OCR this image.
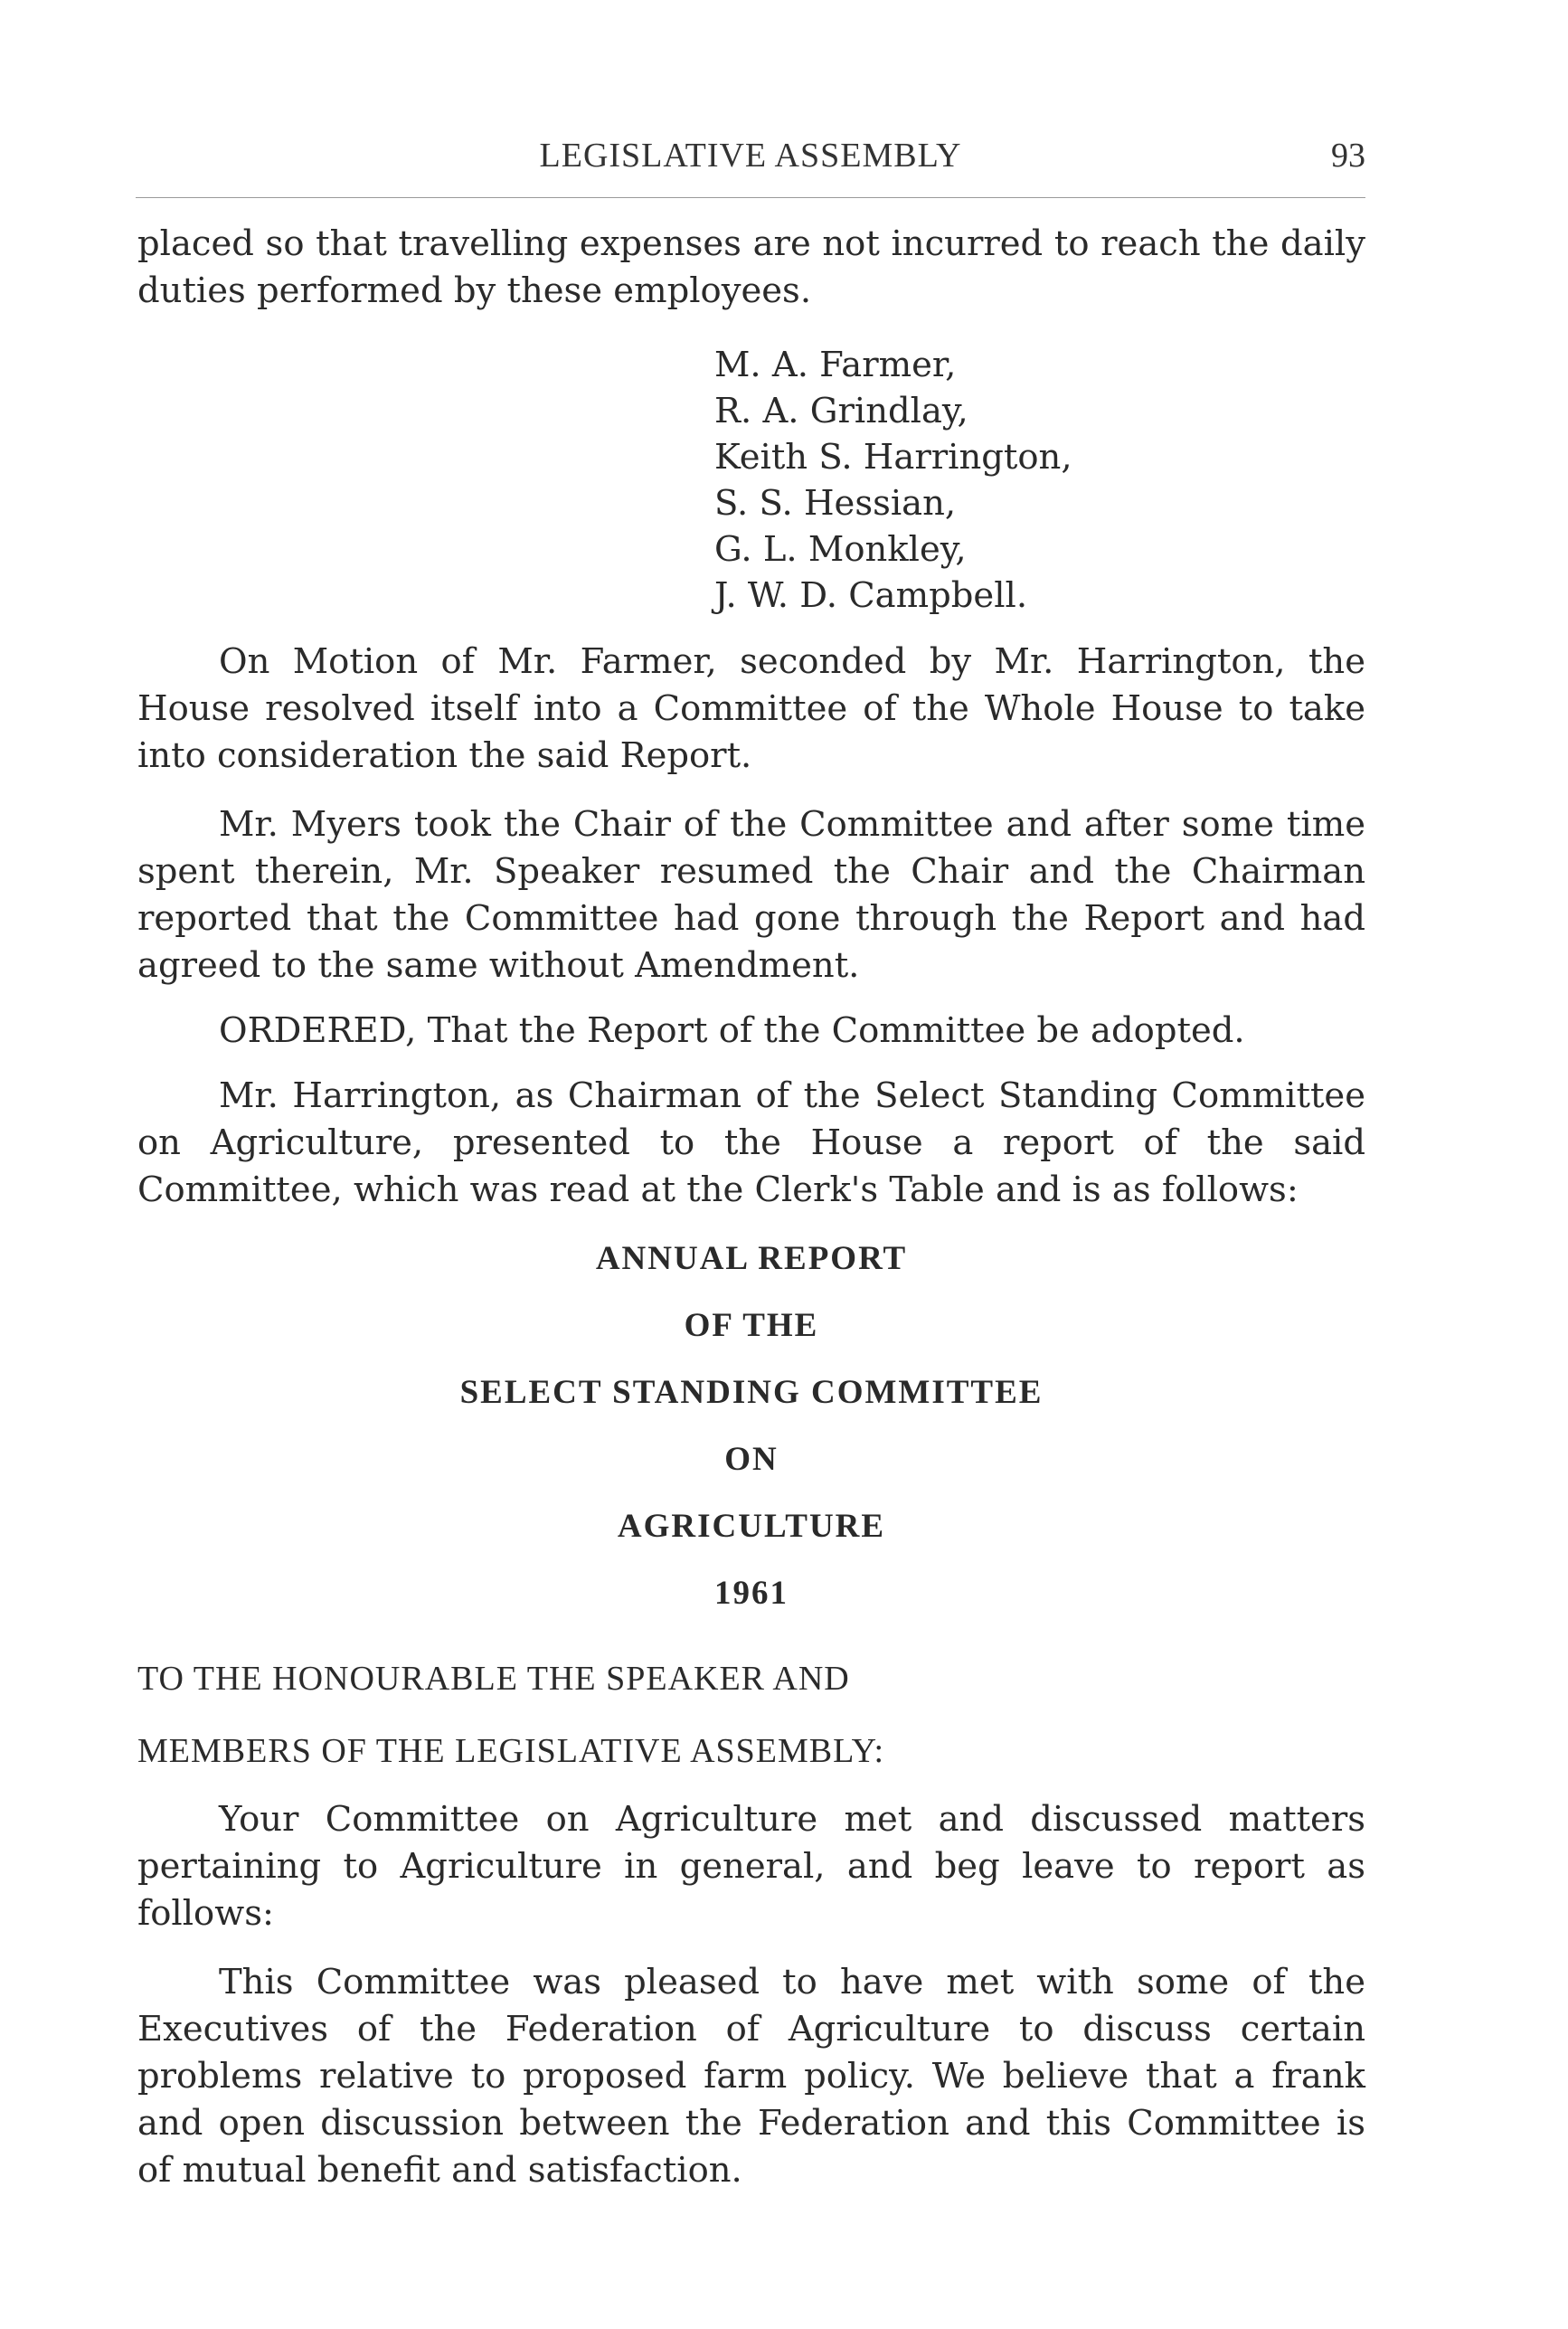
LEGISLATIVE ASSEMBLY	93

placed so that travelling expenses are not incurred to reach the daily duties performed by these employees.

M. A. Farmer,
R. A. Grindlay,
Keith S. Harrington,
S. S. Hessian,
G. L. Monkley,
J. W. D. Campbell.

On Motion of Mr. Farmer, seconded by Mr. Harrington, the House resolved itself into a Committee of the Whole House to take into consideration the said Report.

Mr. Myers took the Chair of the Committee and after some time spent therein, Mr. Speaker resumed the Chair and the Chairman reported that the Committee had gone through the Report and had agreed to the same without Amendment.

ORDERED, That the Report of the Committee be adopted.

Mr. Harrington, as Chairman of the Select Standing Committee on Agriculture, presented to the House a report of the said Committee, which was read at the Clerk's Table and is as follows:

ANNUAL REPORT
OF THE
SELECT STANDING COMMITTEE
ON
AGRICULTURE
1961
TO THE HONOURABLE THE SPEAKER AND
MEMBERS OF THE LEGISLATIVE ASSEMBLY:

Your Committee on Agriculture met and discussed matters pertaining to Agriculture in general, and beg leave to report as follows:

This Committee was pleased to have met with some of the Executives of the Federation of Agriculture to discuss certain problems relative to proposed farm policy. We believe that a frank and open discussion between the Federation and this Committee is of mutual benefit and satisfaction.
